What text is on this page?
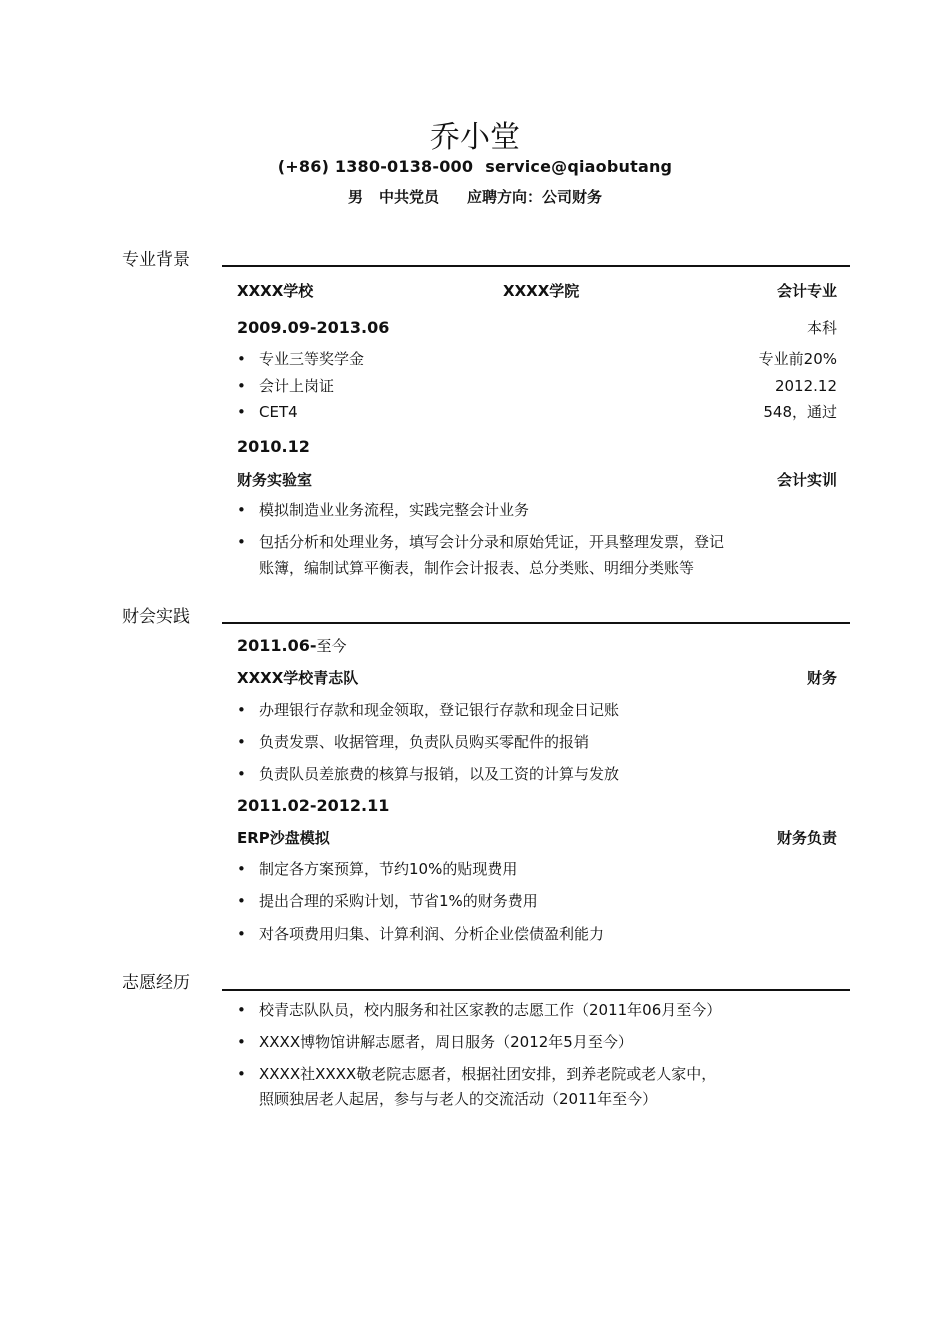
乔小堂
(+86) 1380-0138-000 service@qiaobutang
男 中共党员 应聘方向：公司财务
专业背景
XXXX学校	XXXX学院	会计专业
2009.09-2013.06	本科
• 专业三等奖学金	专业前20%
• 会计上岗证	2012.12
• CET4	548，通过
2010.12
财务实验室	会计实训
• 模拟制造业业务流程，实践完整会计业务
• 包括分析和处理业务，填写会计分录和原始凭证，开具整理发票，登记
账簿，编制试算平衡表，制作会计报表、总分类账、明细分类账等
财会实践
2011.06-至今
XXXX学校青志队	财务
• 办理银行存款和现金领取，登记银行存款和现金日记账
• 负责发票、收据管理，负责队员购买零配件的报销
• 负责队员差旅费的核算与报销，以及工资的计算与发放
2011.02-2012.11
ERP沙盘模拟	财务负责
• 制定各方案预算，节约10%的贴现费用
• 提出合理的采购计划，节省1%的财务费用
• 对各项费用归集、计算利润、分析企业偿债盈利能力
志愿经历
• 校青志队队员，校内服务和社区家教的志愿工作（2011年06月至今）
• XXXX博物馆讲解志愿者，周日服务（2012年5月至今）
• XXXX社XXXX敬老院志愿者，根据社团安排，到养老院或老人家中，
照顾独居老人起居，参与与老人的交流活动（2011年至今）
